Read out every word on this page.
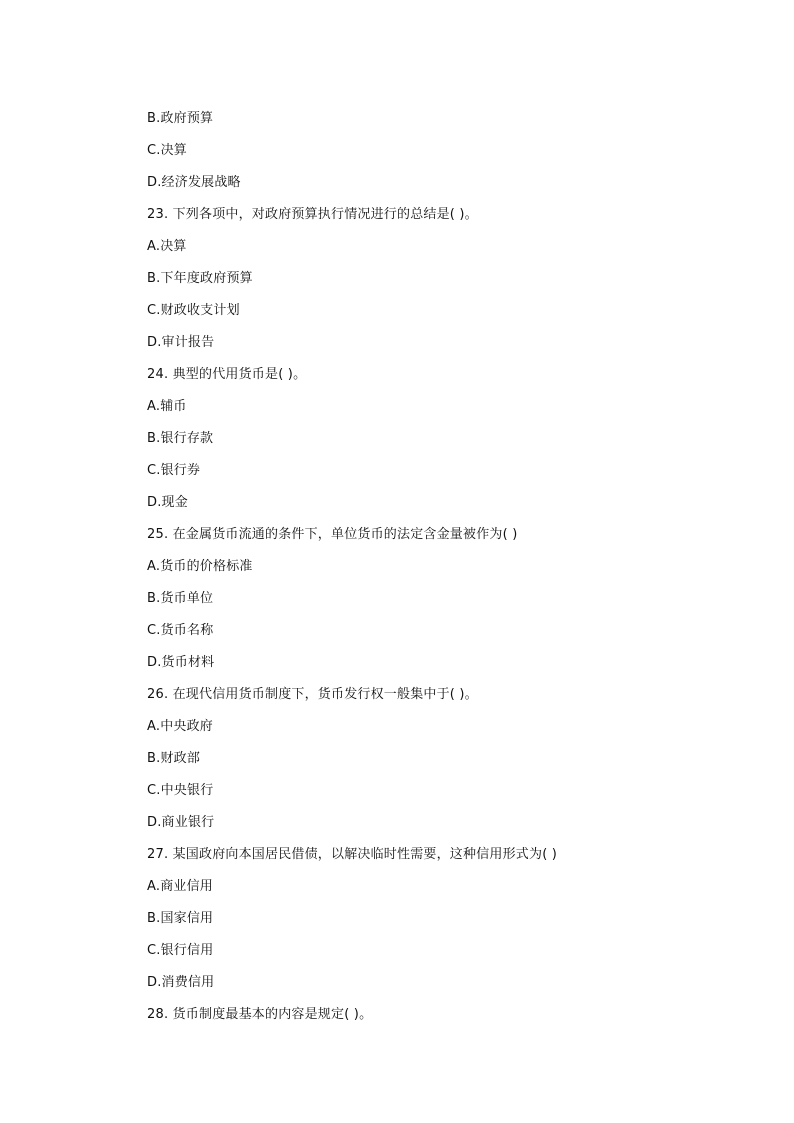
B.政府预算
C.决算
D.经济发展战略
23. 下列各项中，对政府预算执行情况进行的总结是( )。
A.决算
B.下年度政府预算
C.财政收支计划
D.审计报告
24. 典型的代用货币是( )。
A.辅币
B.银行存款
C.银行券
D.现金
25. 在金属货币流通的条件下，单位货币的法定含金量被作为( )
A.货币的价格标准
B.货币单位
C.货币名称
D.货币材料
26. 在现代信用货币制度下，货币发行权一般集中于( )。
A.中央政府
B.财政部
C.中央银行
D.商业银行
27. 某国政府向本国居民借债，以解决临时性需要，这种信用形式为( )
A.商业信用
B.国家信用
C.银行信用
D.消费信用
28. 货币制度最基本的内容是规定( )。
